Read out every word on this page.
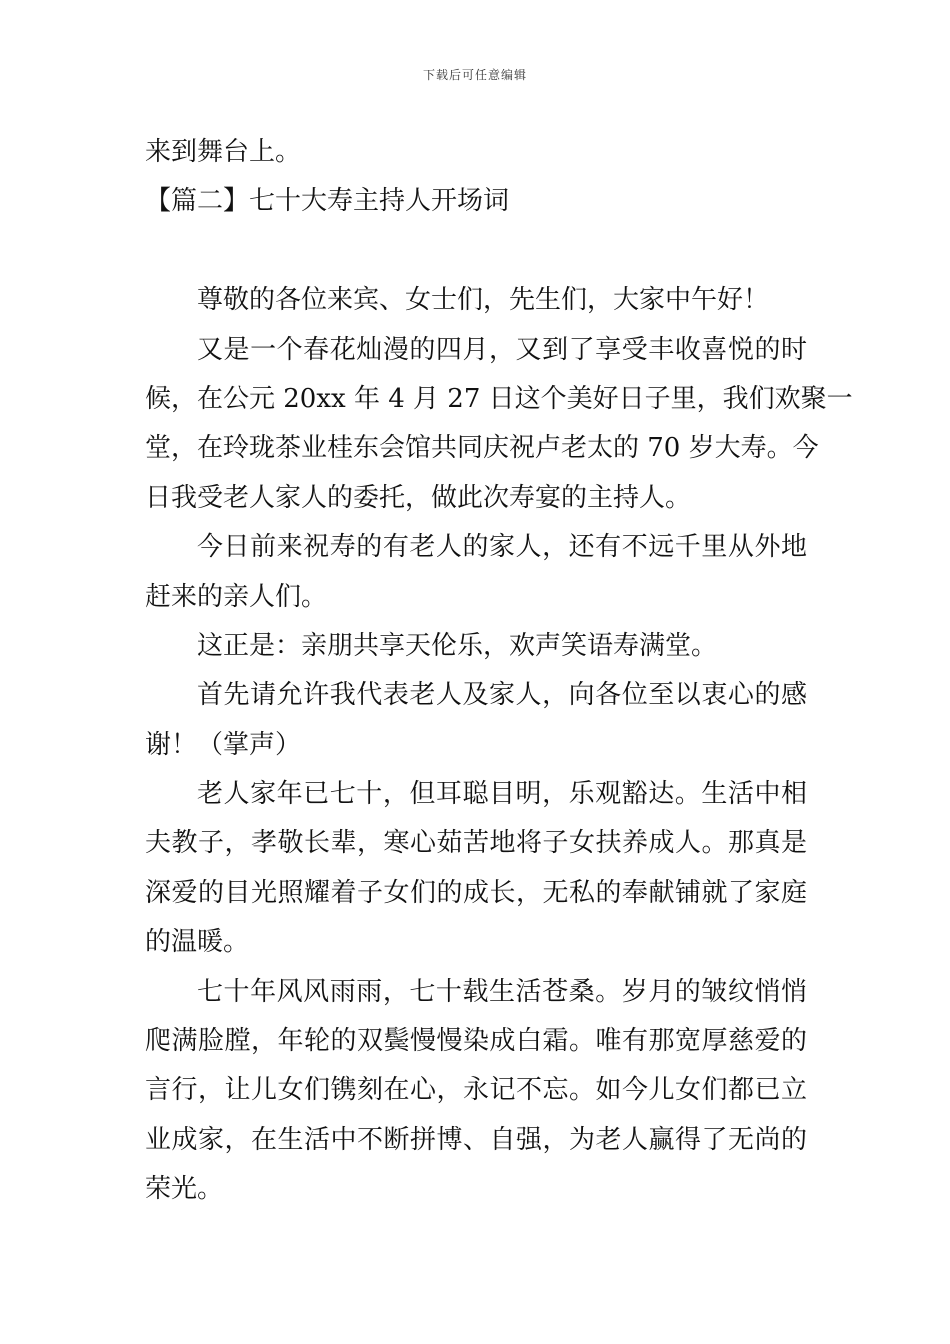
下载后可任意编辑
来到舞台上。
【篇二】七十大寿主持人开场词
尊敬的各位来宾、女士们，先生们，大家中午好！
又是一个春花灿漫的四月，又到了享受丰收喜悦的时
候，在公元 20xx 年 4 月 27 日这个美好日子里，我们欢聚一
堂，在玲珑茶业桂东会馆共同庆祝卢老太的 70 岁大寿。今
日我受老人家人的委托，做此次寿宴的主持人。
今日前来祝寿的有老人的家人，还有不远千里从外地
赶来的亲人们。
这正是：亲朋共享天伦乐，欢声笑语寿满堂。
首先请允许我代表老人及家人，向各位至以衷心的感
谢！（掌声）
老人家年已七十，但耳聪目明，乐观豁达。生活中相
夫教子，孝敬长辈，寒心茹苦地将子女扶养成人。那真是
深爱的目光照耀着子女们的成长，无私的奉献铺就了家庭
的温暖。
七十年风风雨雨，七十载生活苍桑。岁月的皱纹悄悄
爬满脸膛，年轮的双鬓慢慢染成白霜。唯有那宽厚慈爱的
言行，让儿女们镌刻在心，永记不忘。如今儿女们都已立
业成家，在生活中不断拼博、自强，为老人赢得了无尚的
荣光。
